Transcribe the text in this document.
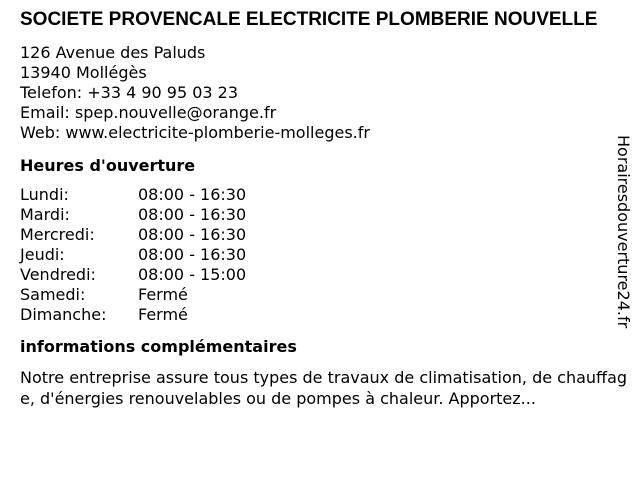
SOCIETE PROVENCALE ELECTRICITE PLOMBERIE NOUVELLE
126 Avenue des Paluds
13940 Mollégès
Telefon: +33 4 90 95 03 23
Email: spep.nouvelle@orange.fr
Web: www.electricite-plomberie-molleges.fr
Heures d'ouverture
Lundi:	08:00 - 16:30
Mardi:	08:00 - 16:30
Mercredi:	08:00 - 16:30
Jeudi:	08:00 - 16:30
Vendredi:	08:00 - 15:00
Samedi:	Fermé
Dimanche:	Fermé
informations complémentaires
Notre entreprise assure tous types de travaux de climatisation, de chauffage, d'énergies renouvelables ou de pompes à chaleur. Apportez...
Horairesdouverture24.fr
